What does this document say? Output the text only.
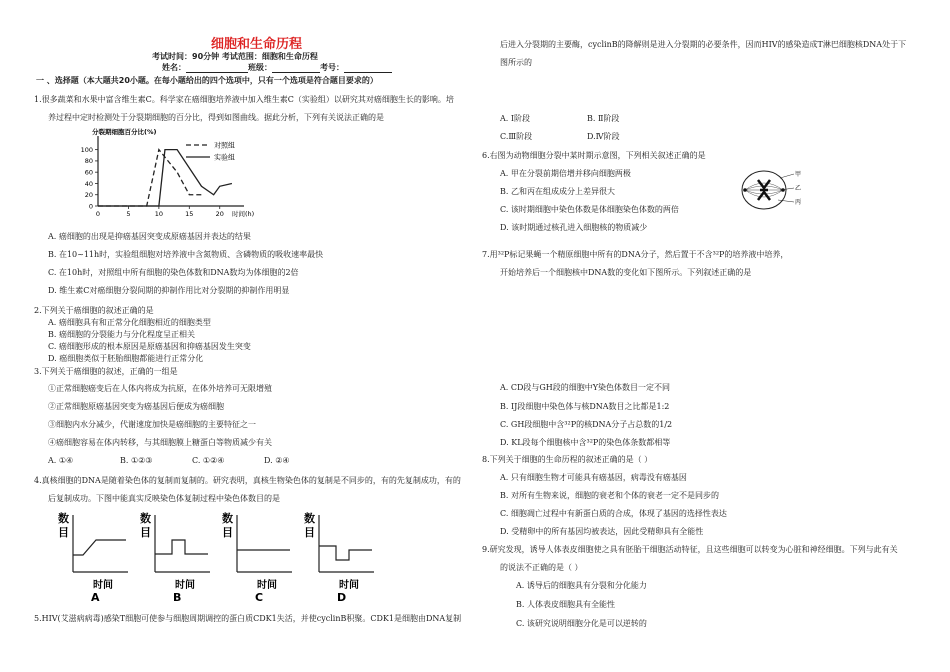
细胞和生命历程
考试时间：90分钟 考试范围：细胞和生命历程
姓名：	班级：	考号：
一 、选择题（本大题共20小题。在每小题给出的四个选项中，只有一个选项是符合题目要求的）
1.很多蔬菜和水果中富含维生素C。科学家在癌细胞培养液中加入维生素C（实验组）以研究其对癌细胞生长的影响。培
养过程中定时检测处于分裂期细胞的百分比，得到如图曲线。据此分析，下列有关说法正确的是
分裂期细胞百分比(%)
0
20
40
60
80
100
0	5	10	15	20 时间(h)
对照组
实验组
A. 癌细胞的出现是抑癌基因突变成原癌基因并表达的结果
B. 在10~11h时，实验组细胞对培养液中含氮物质、含磷物质的吸收速率最快
C. 在10h时，对照组中所有细胞的染色体数和DNA数均为体细胞的2倍
D. 维生素C对癌细胞分裂间期的抑制作用比对分裂期的抑制作用明显
2.下列关于癌细胞的叙述正确的是
A. 癌细胞具有和正常分化细胞相近的细胞类型
B. 癌细胞的分裂能力与分化程度呈正相关
C. 癌细胞形成的根本原因是原癌基因和抑癌基因发生突变
D. 癌细胞类似于胚胎细胞都能进行正常分化
3.下列关于癌细胞的叙述，正确的一组是
①正常细胞癌变后在人体内将成为抗原，在体外培养可无限增殖
②正常细胞原癌基因突变为癌基因后便成为癌细胞
③细胞内水分减少，代谢速度加快是癌细胞的主要特征之一
④癌细胞容易在体内转移，与其细胞膜上糖蛋白等物质减少有关
A. ①④	B. ①②③	C. ①②④	D. ②④
4.真核细胞的DNA是随着染色体的复制而复制的。研究表明，真核生物染色体的复制是不同步的，有的先复制成功，有的
后复制成功。下图中能真实反映染色体复制过程中染色体数目的是
数
目
时间
A
数
目
时间
B
数
目
时间
C
数
目
时间
D
5.HIV(艾滋病病毒)感染T细胞可使参与细胞周期调控的蛋白质CDK1失活，并使cyclinB积聚。CDK1是细胞由DNA复制
后进入分裂期的主要酶，cyclinB的降解则是进入分裂期的必要条件，因而HIV的感染造成T淋巴细胞核DNA处于下
图所示的
A. Ⅰ阶段	B. Ⅱ阶段
C.Ⅲ阶段	D.Ⅳ阶段
6.右图为动物细胞分裂中某时期示意图，下列相关叙述正确的是
A. 甲在分裂前期倍增并移向细胞两极
B. 乙和丙在组成成分上差异很大
C. 该时期细胞中染色体数是体细胞染色体数的两倍
D. 该时期通过核孔进入细胞核的物质减少
甲
乙
丙
7.用³²P标记果蝇一个精原细胞中所有的DNA分子，然后置于不含³²P的培养液中培养，
开始培养后一个细胞核中DNA数的变化如下图所示。下列叙述正确的是
A. CD段与GH段的细胞中Y染色体数目一定不同
B. IJ段细胞中染色体与核DNA数目之比都是1:2
C. GH段细胞中含³²P的核DNA分子占总数的1/2
D. KL段每个细胞核中含³²P的染色体条数都相等
8.下列关于细胞的生命历程的叙述正确的是（ ）
A. 只有细胞生物才可能具有癌基因，病毒没有癌基因
B. 对所有生物来说，细胞的衰老和个体的衰老一定不是同步的
C. 细胞凋亡过程中有新蛋白质的合成，体现了基因的选择性表达
D. 受精卵中的所有基因均被表达，因此受精卵具有全能性
9.研究发现，诱导人体表皮细胞使之具有胚胎干细胞活动特征，且这些细胞可以转变为心脏和神经细胞。下列与此有关
的说法不正确的是（ ）
A. 诱导后的细胞具有分裂和分化能力
B. 人体表皮细胞具有全能性
C. 该研究说明细胞分化是可以逆转的
